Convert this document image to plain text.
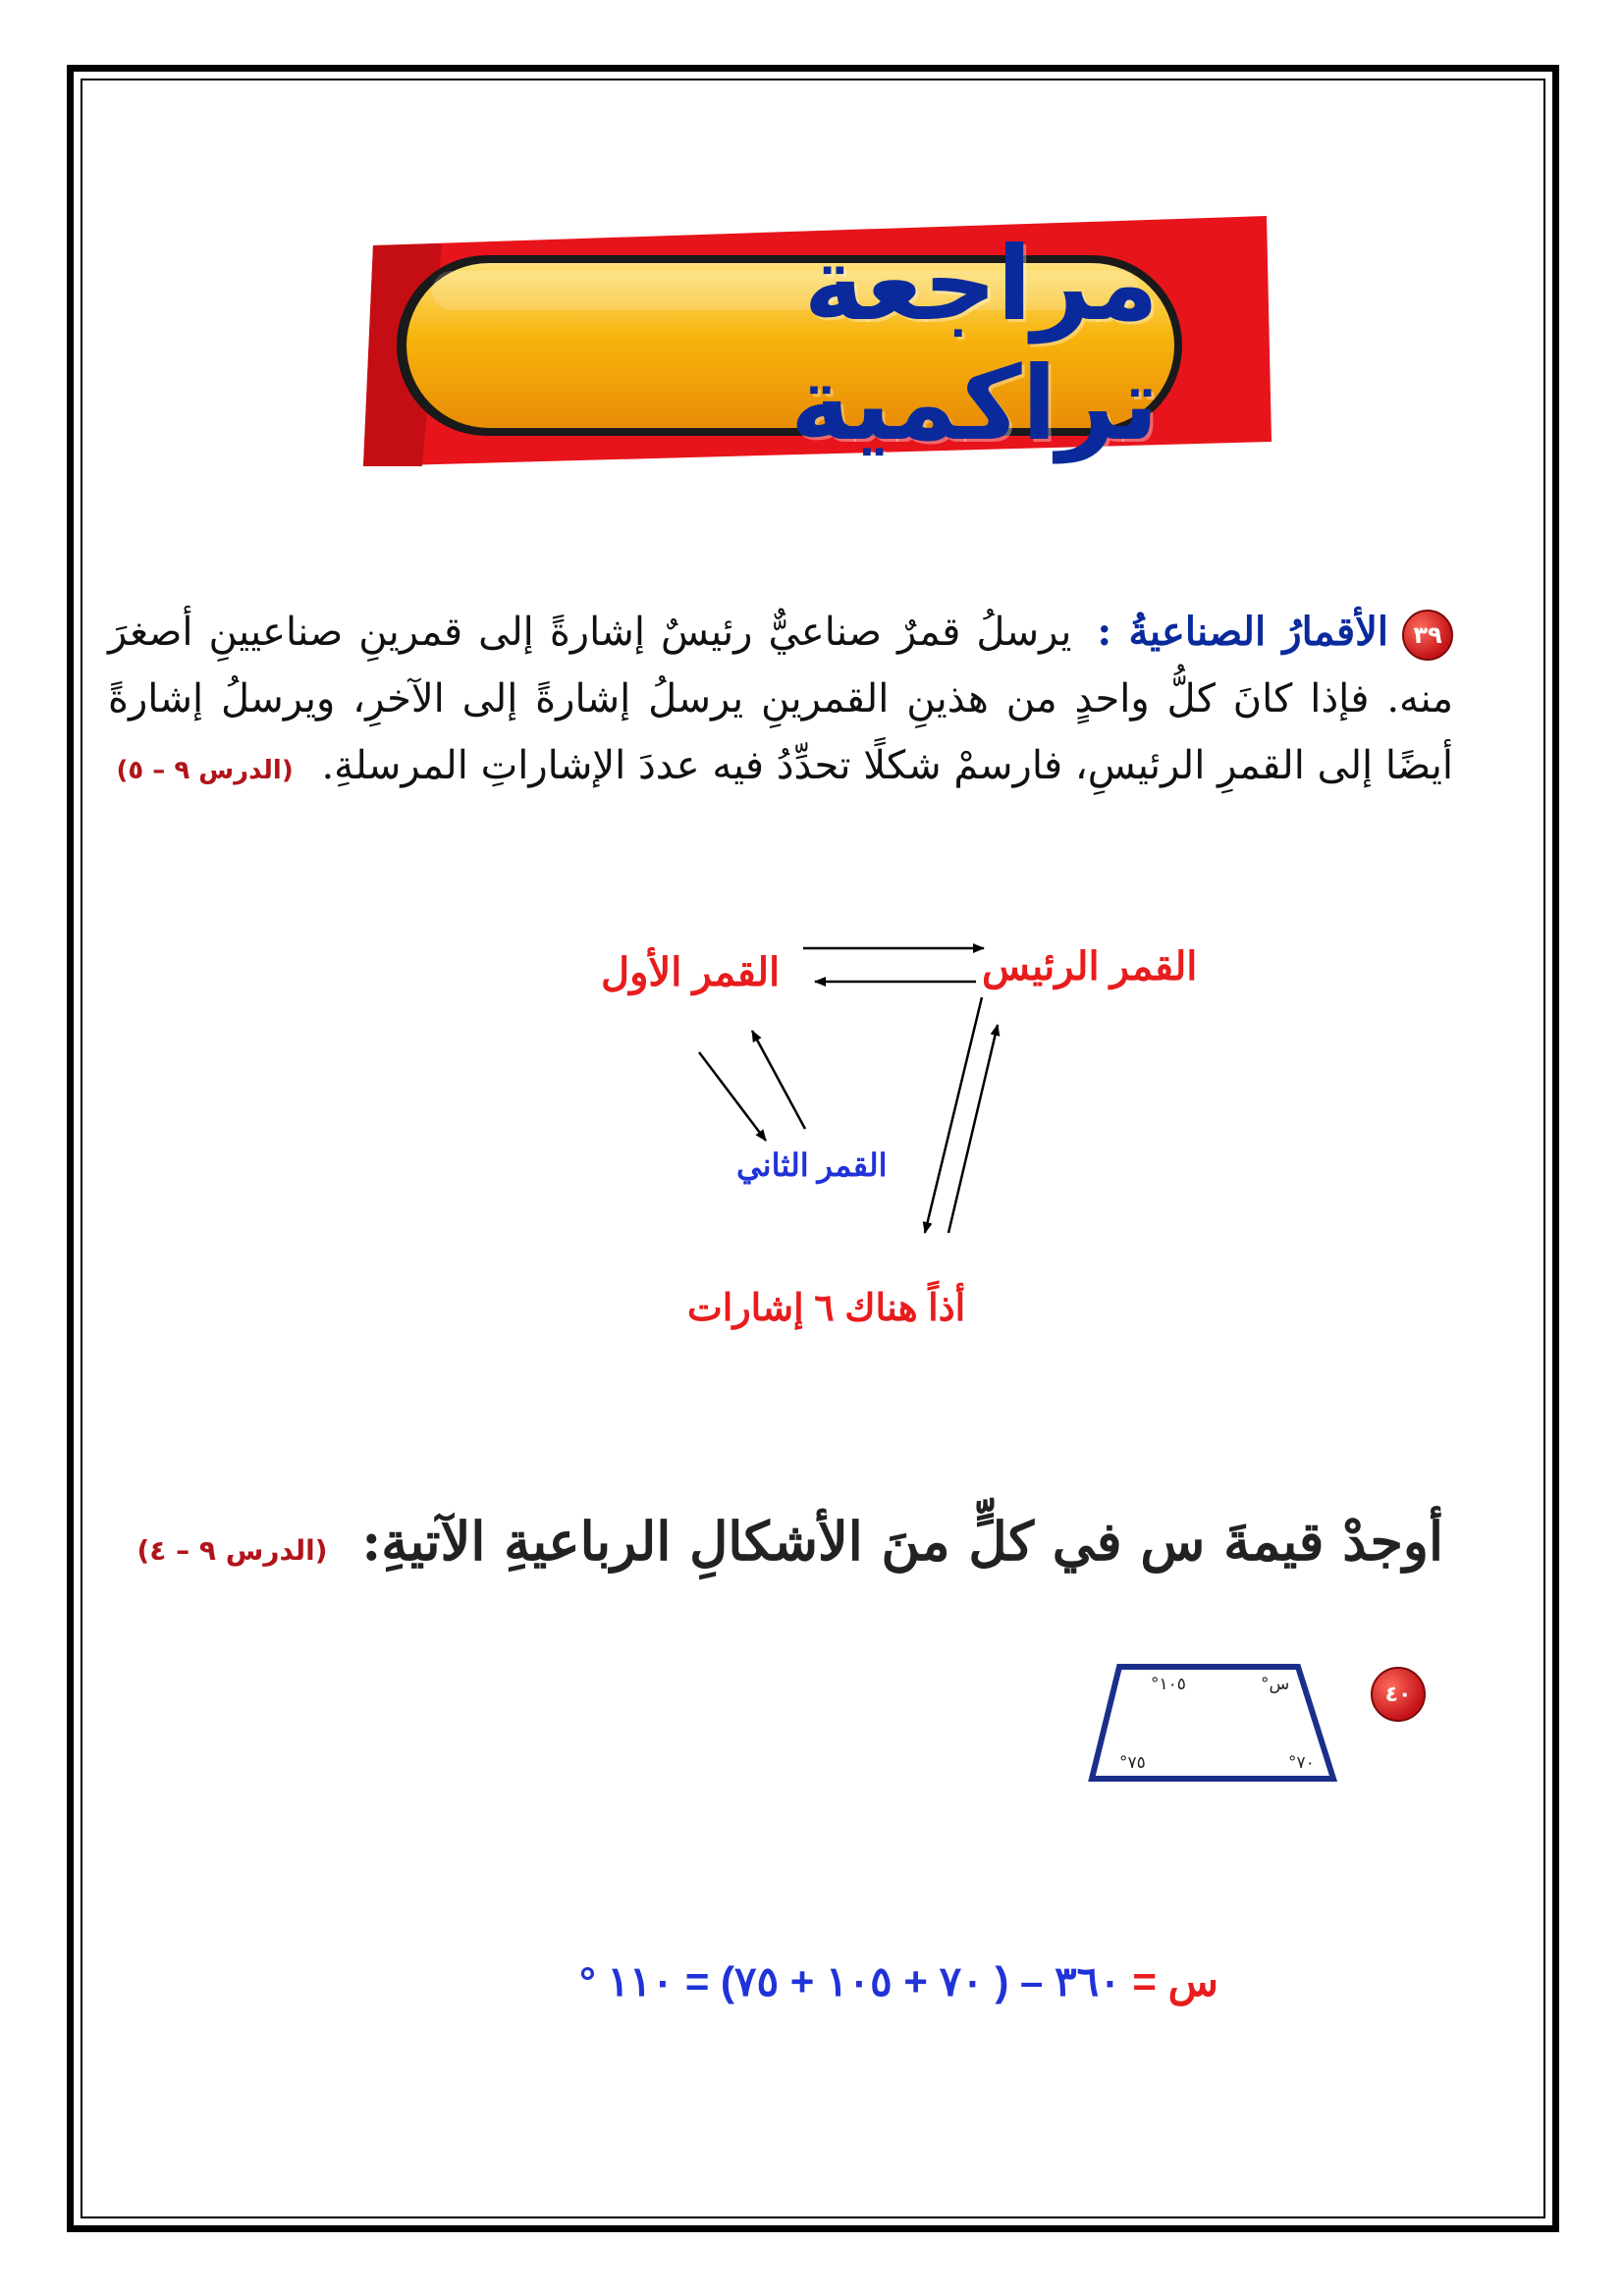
مراجعة تراكمية
٣٩الأقمارُ الصناعيةُ : يرسلُ قمرٌ صناعيٌّ رئيسٌ إشارةً إلى قمرينِ صناعيينِ أصغرَ منه. فإذا كانَ كلُّ واحدٍ من هذينِ القمرينِ يرسلُ إشارةً إلى الآخرِ، ويرسلُ إشارةً أيضًا إلى القمرِ الرئيسِ، فارسمْ شكلًا تحدِّدُ فيه عددَ الإشاراتِ المرسلةِ. (الدرس ٩ – ٥)
القمر الرئيس
القمر الأول
القمر الثاني
أذاً هناك ٦ إشارات
أوجدْ قيمةَ س في كلٍّ منَ الأشكالِ الرباعيةِ الآتيةِ: (الدرس ٩ – ٤)
٤٠
١٠٥°	س°
٧٥°	٧٠°
س = ٣٦٠ – ( ٧٠ + ١٠٥ + ٧٥) = ١١٠ °
